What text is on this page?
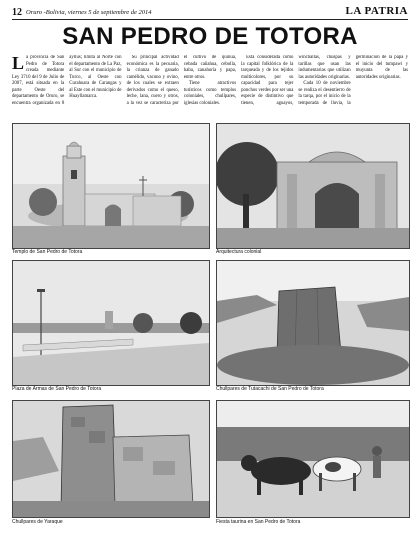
12 Oruro -Bolivia, viernes 5 de septiembre de 2014	LA PATRIA
SAN PEDRO DE TOTORA

La provincia de San Pedro de Totora creada mediante Ley 3710 del 9 de Julio de 2007, está situada en la parte Oeste del departamento de Oruro, se encuentra organizada en 8 ayllus; limita al Norte con el departamento de La Paz, al Sur con el municipio de Turco, al Oeste con Curahuara de Carangas y al Este con el municipio de Huayllamarca.

Su principal actividad económica es la pecuaria, la crianza de ganado camélido, vacuno y ovino, de los cuales se extraen derivados como el queso, leche, lana, cuero y otros, a la vez se caracteriza por el cultivo de quinua, cebada cañahua, cebolla, haba, zanahoria y papa, entre otros.

Tiene atractivos turísticos como templos coloniales, chullpares, iglesias coloniales.

Está considerada como la capital folklórica de la tarqueada y de los tejidos multicolores, por su capacidad para tejer ponchos verdes por ser una especie de distintivo que tienen, aguayos, winchallas, chuspas y tarillas que usan las indumentarias que utilizan las autoridades originarias.

Cada 10 de noviembre se realiza el desentierro de la tarqa, por el inicio de la temporada de lluvia, la germinación de la papa y el inicio del tumpawi y muyunta de las autoridades originarias.

Templo de San Pedro de Totora	Arquitectura colonial
Plaza de Armas de San Pedro de Totora	Chullpares de Tutacachi de San Pedro de Totora
Chullpares de Yaraque	Fiesta taurina en San Pedro de Totora
